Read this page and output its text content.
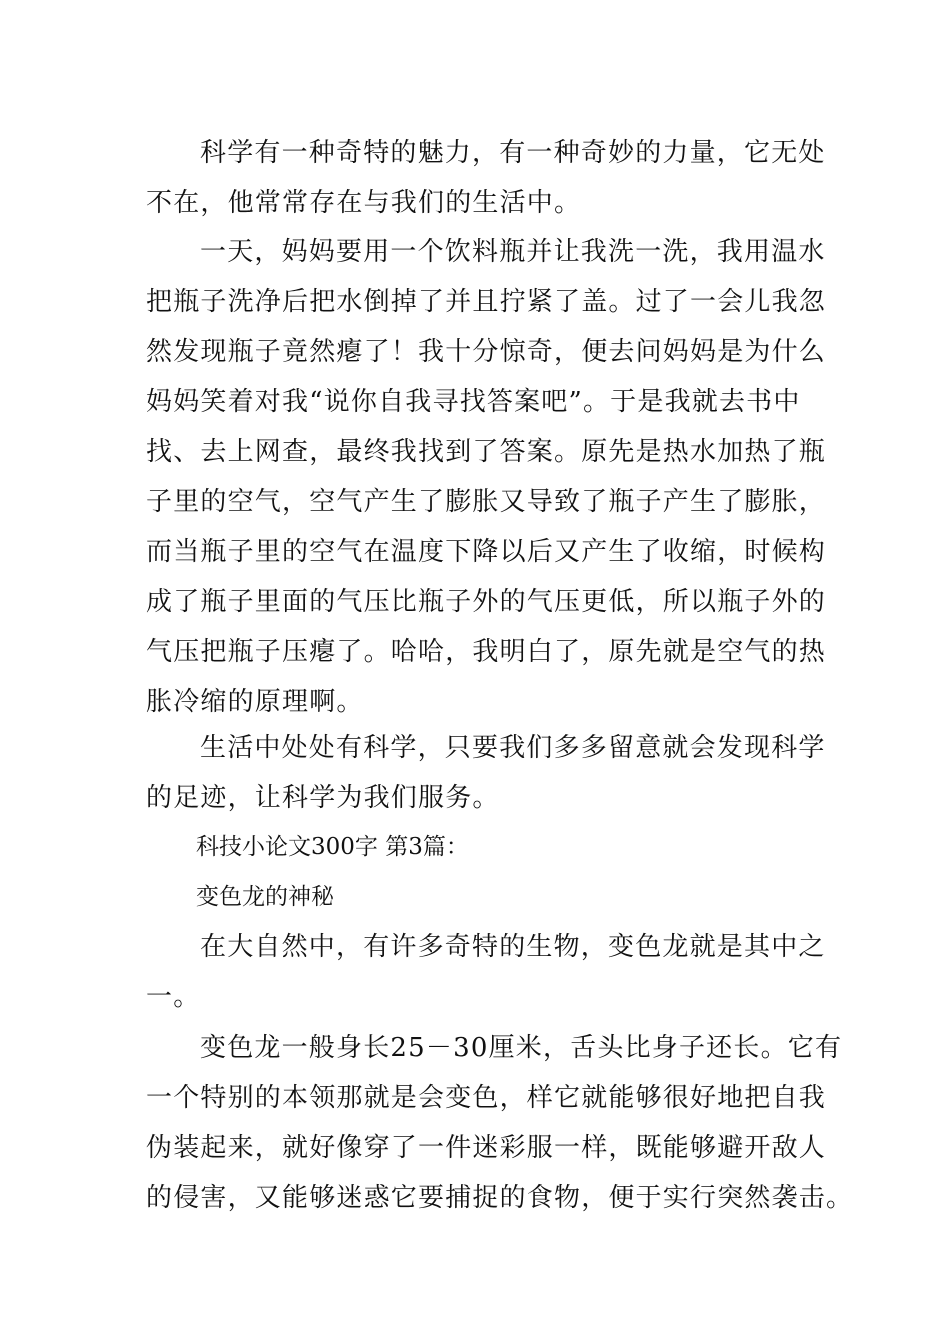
科学有一种奇特的魅力，有一种奇妙的力量，它无处
不在，他常常存在与我们的生活中。
一天，妈妈要用一个饮料瓶并让我洗一洗，我用温水
把瓶子洗净后把水倒掉了并且拧紧了盖。过了一会儿我忽
然发现瓶子竟然瘪了！我十分惊奇，便去问妈妈是为什么
妈妈笑着对我“说你自我寻找答案吧”。于是我就去书中
找、去上网查，最终我找到了答案。原先是热水加热了瓶
子里的空气，空气产生了膨胀又导致了瓶子产生了膨胀，
而当瓶子里的空气在温度下降以后又产生了收缩，时候构
成了瓶子里面的气压比瓶子外的气压更低，所以瓶子外的
气压把瓶子压瘪了。哈哈，我明白了，原先就是空气的热
胀冷缩的原理啊。
生活中处处有科学，只要我们多多留意就会发现科学
的足迹，让科学为我们服务。
科技小论文300字 第3篇：
变色龙的神秘
在大自然中，有许多奇特的生物，变色龙就是其中之
一。
变色龙一般身长25－30厘米，舌头比身子还长。它有
一个特别的本领那就是会变色，样它就能够很好地把自我
伪装起来，就好像穿了一件迷彩服一样，既能够避开敌人
的侵害，又能够迷惑它要捕捉的食物，便于实行突然袭击。
